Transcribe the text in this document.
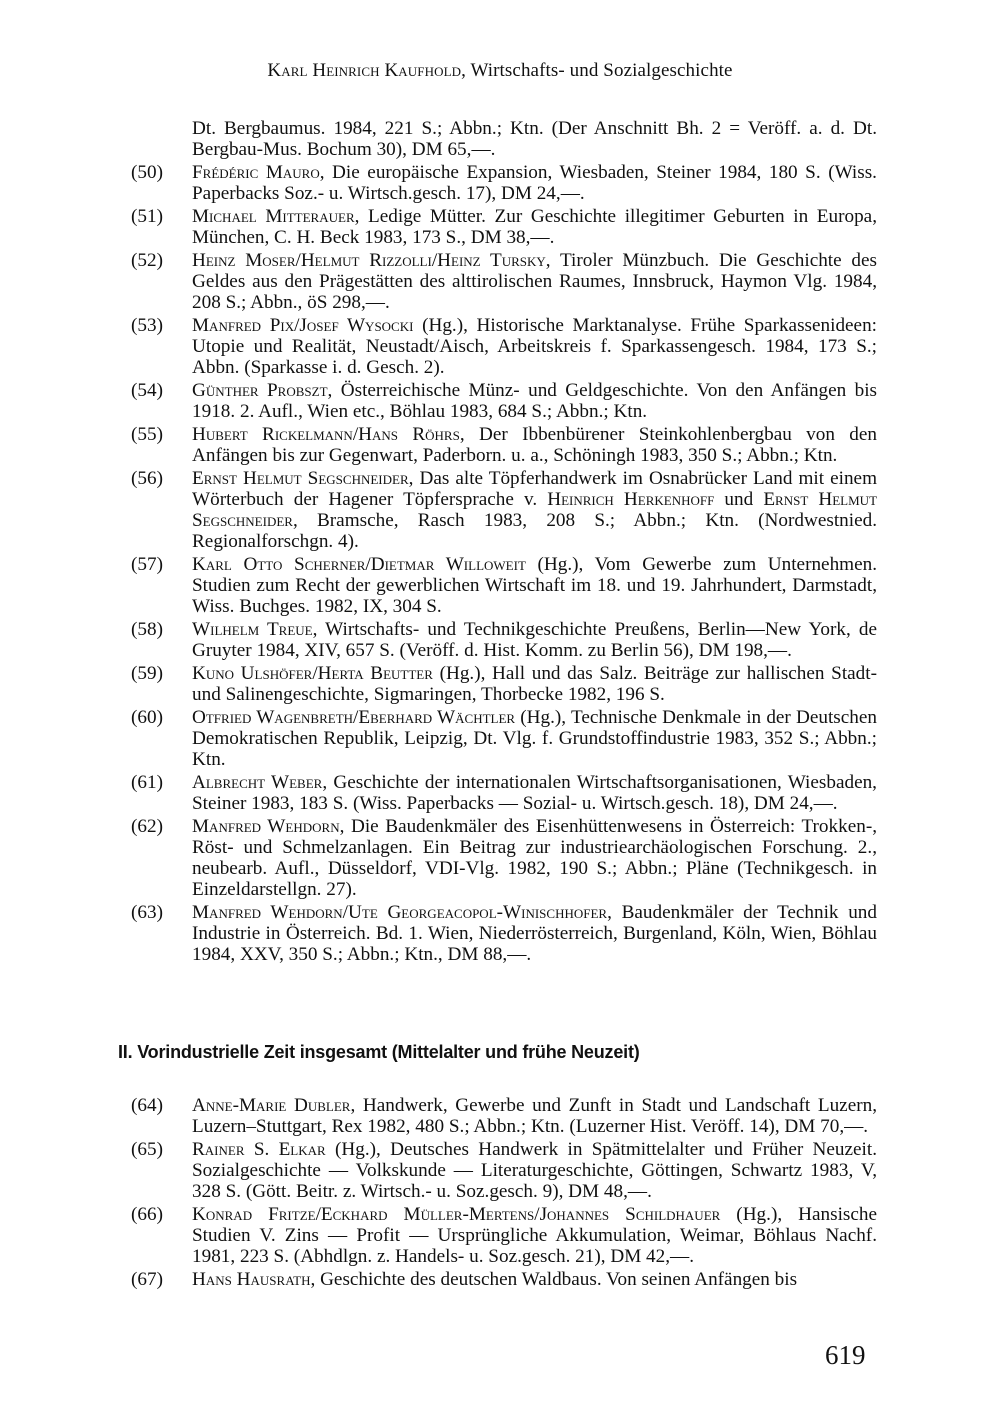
Karl Heinrich Kaufhold, Wirtschafts- und Sozialgeschichte

Dt. Bergbaumus. 1984, 221 S.; Abbn.; Ktn. (Der Anschnitt Bh. 2 = Veröff. a. d. Dt. Bergbau-Mus. Bochum 30), DM 65,—.

(50) Frédéric Mauro, Die europäische Expansion, Wiesbaden, Steiner 1984, 180 S. (Wiss. Paperbacks Soz.- u. Wirtsch.gesch. 17), DM 24,—.
(51) Michael Mitterauer, Ledige Mütter. Zur Geschichte illegitimer Geburten in Europa, München, C. H. Beck 1983, 173 S., DM 38,—.
(52) Heinz Moser/Helmut Rizzolli/Heinz Tursky, Tiroler Münzbuch. Die Geschichte des Geldes aus den Prägestätten des alttirolischen Raumes, Innsbruck, Haymon Vlg. 1984, 208 S.; Abbn., öS 298,—.
(53) Manfred Pix/Josef Wysocki (Hg.), Historische Marktanalyse. Frühe Sparkassenideen: Utopie und Realität, Neustadt/Aisch, Arbeitskreis f. Sparkassengesch. 1984, 173 S.; Abbn. (Sparkasse i. d. Gesch. 2).
(54) Günther Probszt, Österreichische Münz- und Geldgeschichte. Von den Anfängen bis 1918. 2. Aufl., Wien etc., Böhlau 1983, 684 S.; Abbn.; Ktn.
(55) Hubert Rickelmann/Hans Röhrs, Der Ibbenbürener Steinkohlenbergbau von den Anfängen bis zur Gegenwart, Paderborn. u. a., Schöningh 1983, 350 S.; Abbn.; Ktn.
(56) Ernst Helmut Segschneider, Das alte Töpferhandwerk im Osnabrücker Land mit einem Wörterbuch der Hagener Töpfersprache v. Heinrich Herkenhoff und Ernst Helmut Segschneider, Bramsche, Rasch 1983, 208 S.; Abbn.; Ktn. (Nordwestnied. Regionalforschgn. 4).
(57) Karl Otto Scherner/Dietmar Willoweit (Hg.), Vom Gewerbe zum Unternehmen. Studien zum Recht der gewerblichen Wirtschaft im 18. und 19. Jahrhundert, Darmstadt, Wiss. Buchges. 1982, IX, 304 S.
(58) Wilhelm Treue, Wirtschafts- und Technikgeschichte Preußens, Berlin—New York, de Gruyter 1984, XIV, 657 S. (Veröff. d. Hist. Komm. zu Berlin 56), DM 198,—.
(59) Kuno Ulshöfer/Herta Beutter (Hg.), Hall und das Salz. Beiträge zur hallischen Stadt- und Salinengeschichte, Sigmaringen, Thorbecke 1982, 196 S.
(60) Otfried Wagenbreth/Eberhard Wächtler (Hg.), Technische Denkmale in der Deutschen Demokratischen Republik, Leipzig, Dt. Vlg. f. Grundstoffindustrie 1983, 352 S.; Abbn.; Ktn.
(61) Albrecht Weber, Geschichte der internationalen Wirtschaftsorganisationen, Wiesbaden, Steiner 1983, 183 S. (Wiss. Paperbacks — Sozial- u. Wirtsch.gesch. 18), DM 24,—.
(62) Manfred Wehdorn, Die Baudenkmäler des Eisenhüttenwesens in Österreich: Trokken-, Röst- und Schmelzanlagen. Ein Beitrag zur industriearchäologischen Forschung. 2., neubearb. Aufl., Düsseldorf, VDI-Vlg. 1982, 190 S.; Abbn.; Pläne (Technikgesch. in Einzeldarstellgn. 27).
(63) Manfred Wehdorn/Ute Georgeacopol-Winischhofer, Baudenkmäler der Technik und Industrie in Österreich. Bd. 1. Wien, Niederrösterreich, Burgenland, Köln, Wien, Böhlau 1984, XXV, 350 S.; Abbn.; Ktn., DM 88,—.
II. Vorindustrielle Zeit insgesamt (Mittelalter und frühe Neuzeit)
(64) Anne-Marie Dubler, Handwerk, Gewerbe und Zunft in Stadt und Landschaft Luzern, Luzern–Stuttgart, Rex 1982, 480 S.; Abbn.; Ktn. (Luzerner Hist. Veröff. 14), DM 70,—.
(65) Rainer S. Elkar (Hg.), Deutsches Handwerk in Spätmittelalter und Früher Neuzeit. Sozialgeschichte — Volkskunde — Literaturgeschichte, Göttingen, Schwartz 1983, V, 328 S. (Gött. Beitr. z. Wirtsch.- u. Soz.gesch. 9), DM 48,—.
(66) Konrad Fritze/Eckhard Müller-Mertens/Johannes Schildhauer (Hg.), Hansische Studien V. Zins — Profit — Ursprüngliche Akkumulation, Weimar, Böhlaus Nachf. 1981, 223 S. (Abhdlgn. z. Handels- u. Soz.gesch. 21), DM 42,—.
(67) Hans Hausrath, Geschichte des deutschen Waldbaus. Von seinen Anfängen bis
619
